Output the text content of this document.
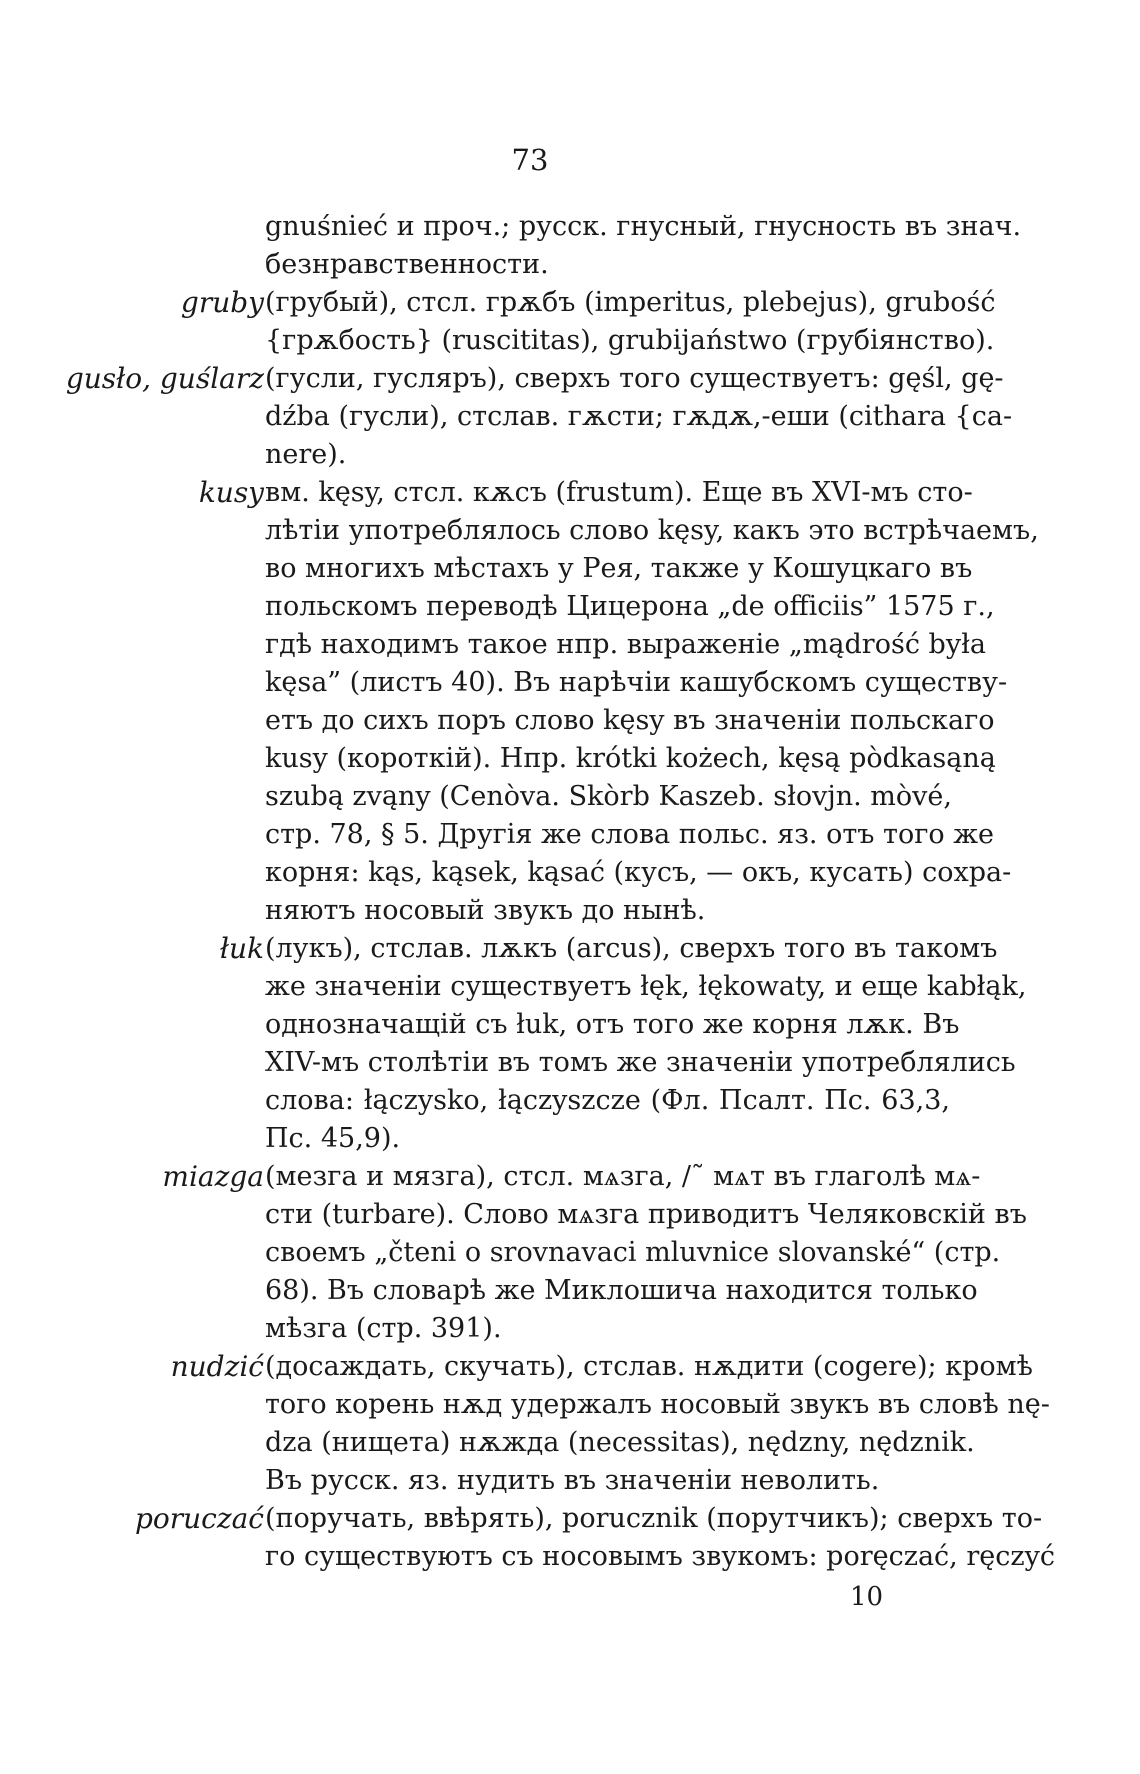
73
gnuśnieć и проч.; русск. гнусный, гнусность въ знач.
безнравственности.
gruby (грубый), стсл. грѫбъ (imperitus, plebejus), grubość
{грѫбость} (ruscititas), grubijaństwo (грубіянство).
gusło, guślarz (гусли, гусляръ), сверхъ того существуетъ: gęśl, gę-
dźba (гусли), стслав. гѫсти; гѫдѫ,-еши (cithara {ca-
nere).
kusy вм. kęsy, стсл. кѫсъ (frustum). Еще въ XVI-мъ сто-
лѣтіи употреблялось слово kęsy, какъ это встрѣчаемъ,
во многихъ мѣстахъ у Рея, также у Кошуцкаго въ
польскомъ переводѣ Цицерона „de officiis” 1575 г.,
гдѣ находимъ такое нпр. выраженіе „mądrość była
kęsa” (листъ 40). Въ нарѣчіи кашубскомъ существу-
етъ до сихъ поръ слово kęsy въ значеніи польскаго
kusy (короткій). Нпр. krótki kożech, kęsą pòdkasąną
szubą zvąny (Cenòva. Skòrb Kaszeb. słovjn. mòvé,
стр. 78, § 5. Другія же слова польс. яз. отъ того же
корня: kąs, kąsek, kąsać (кусъ, — окъ, кусать) сохра-
няютъ носовый звукъ до нынѣ.
łuk (лукъ), стслав. лѫкъ (arcus), сверхъ того въ такомъ
же значеніи существуетъ łęk, łękowaty, и еще kabłąk,
однозначащій съ łuk, отъ того же корня лѫк. Въ
XIV-мъ столѣтіи въ томъ же значеніи употреблялись
слова: łączysko, łączyszcze (Фл. Псалт. Пс. 63,3,
Пс. 45,9).
miazga (мезга и мязга), стсл. мѧзга, /˜ мѧт въ глаголѣ мѧ-
сти (turbare). Слово мѧзга приводитъ Челяковскій въ
своемъ „čteni o srovnavaci mluvnice slovanské“ (стр.
68). Въ словарѣ же Миклошича находится только
мѣзга (стр. 391).
nudzić (досаждать, скучать), стслав. нѫдити (cogere); кромѣ
того корень нѫд удержалъ носовый звукъ въ словѣ nę-
dza (нищета) нѫжда (necessitas), nędzny, nędznik.
Въ русск. яз. нудить въ значеніи неволить.
poruczać (поручать, ввѣрять), porucznik (порутчикъ); сверхъ то-
го существуютъ съ носовымъ звукомъ: poręczać, ręczyć
10
